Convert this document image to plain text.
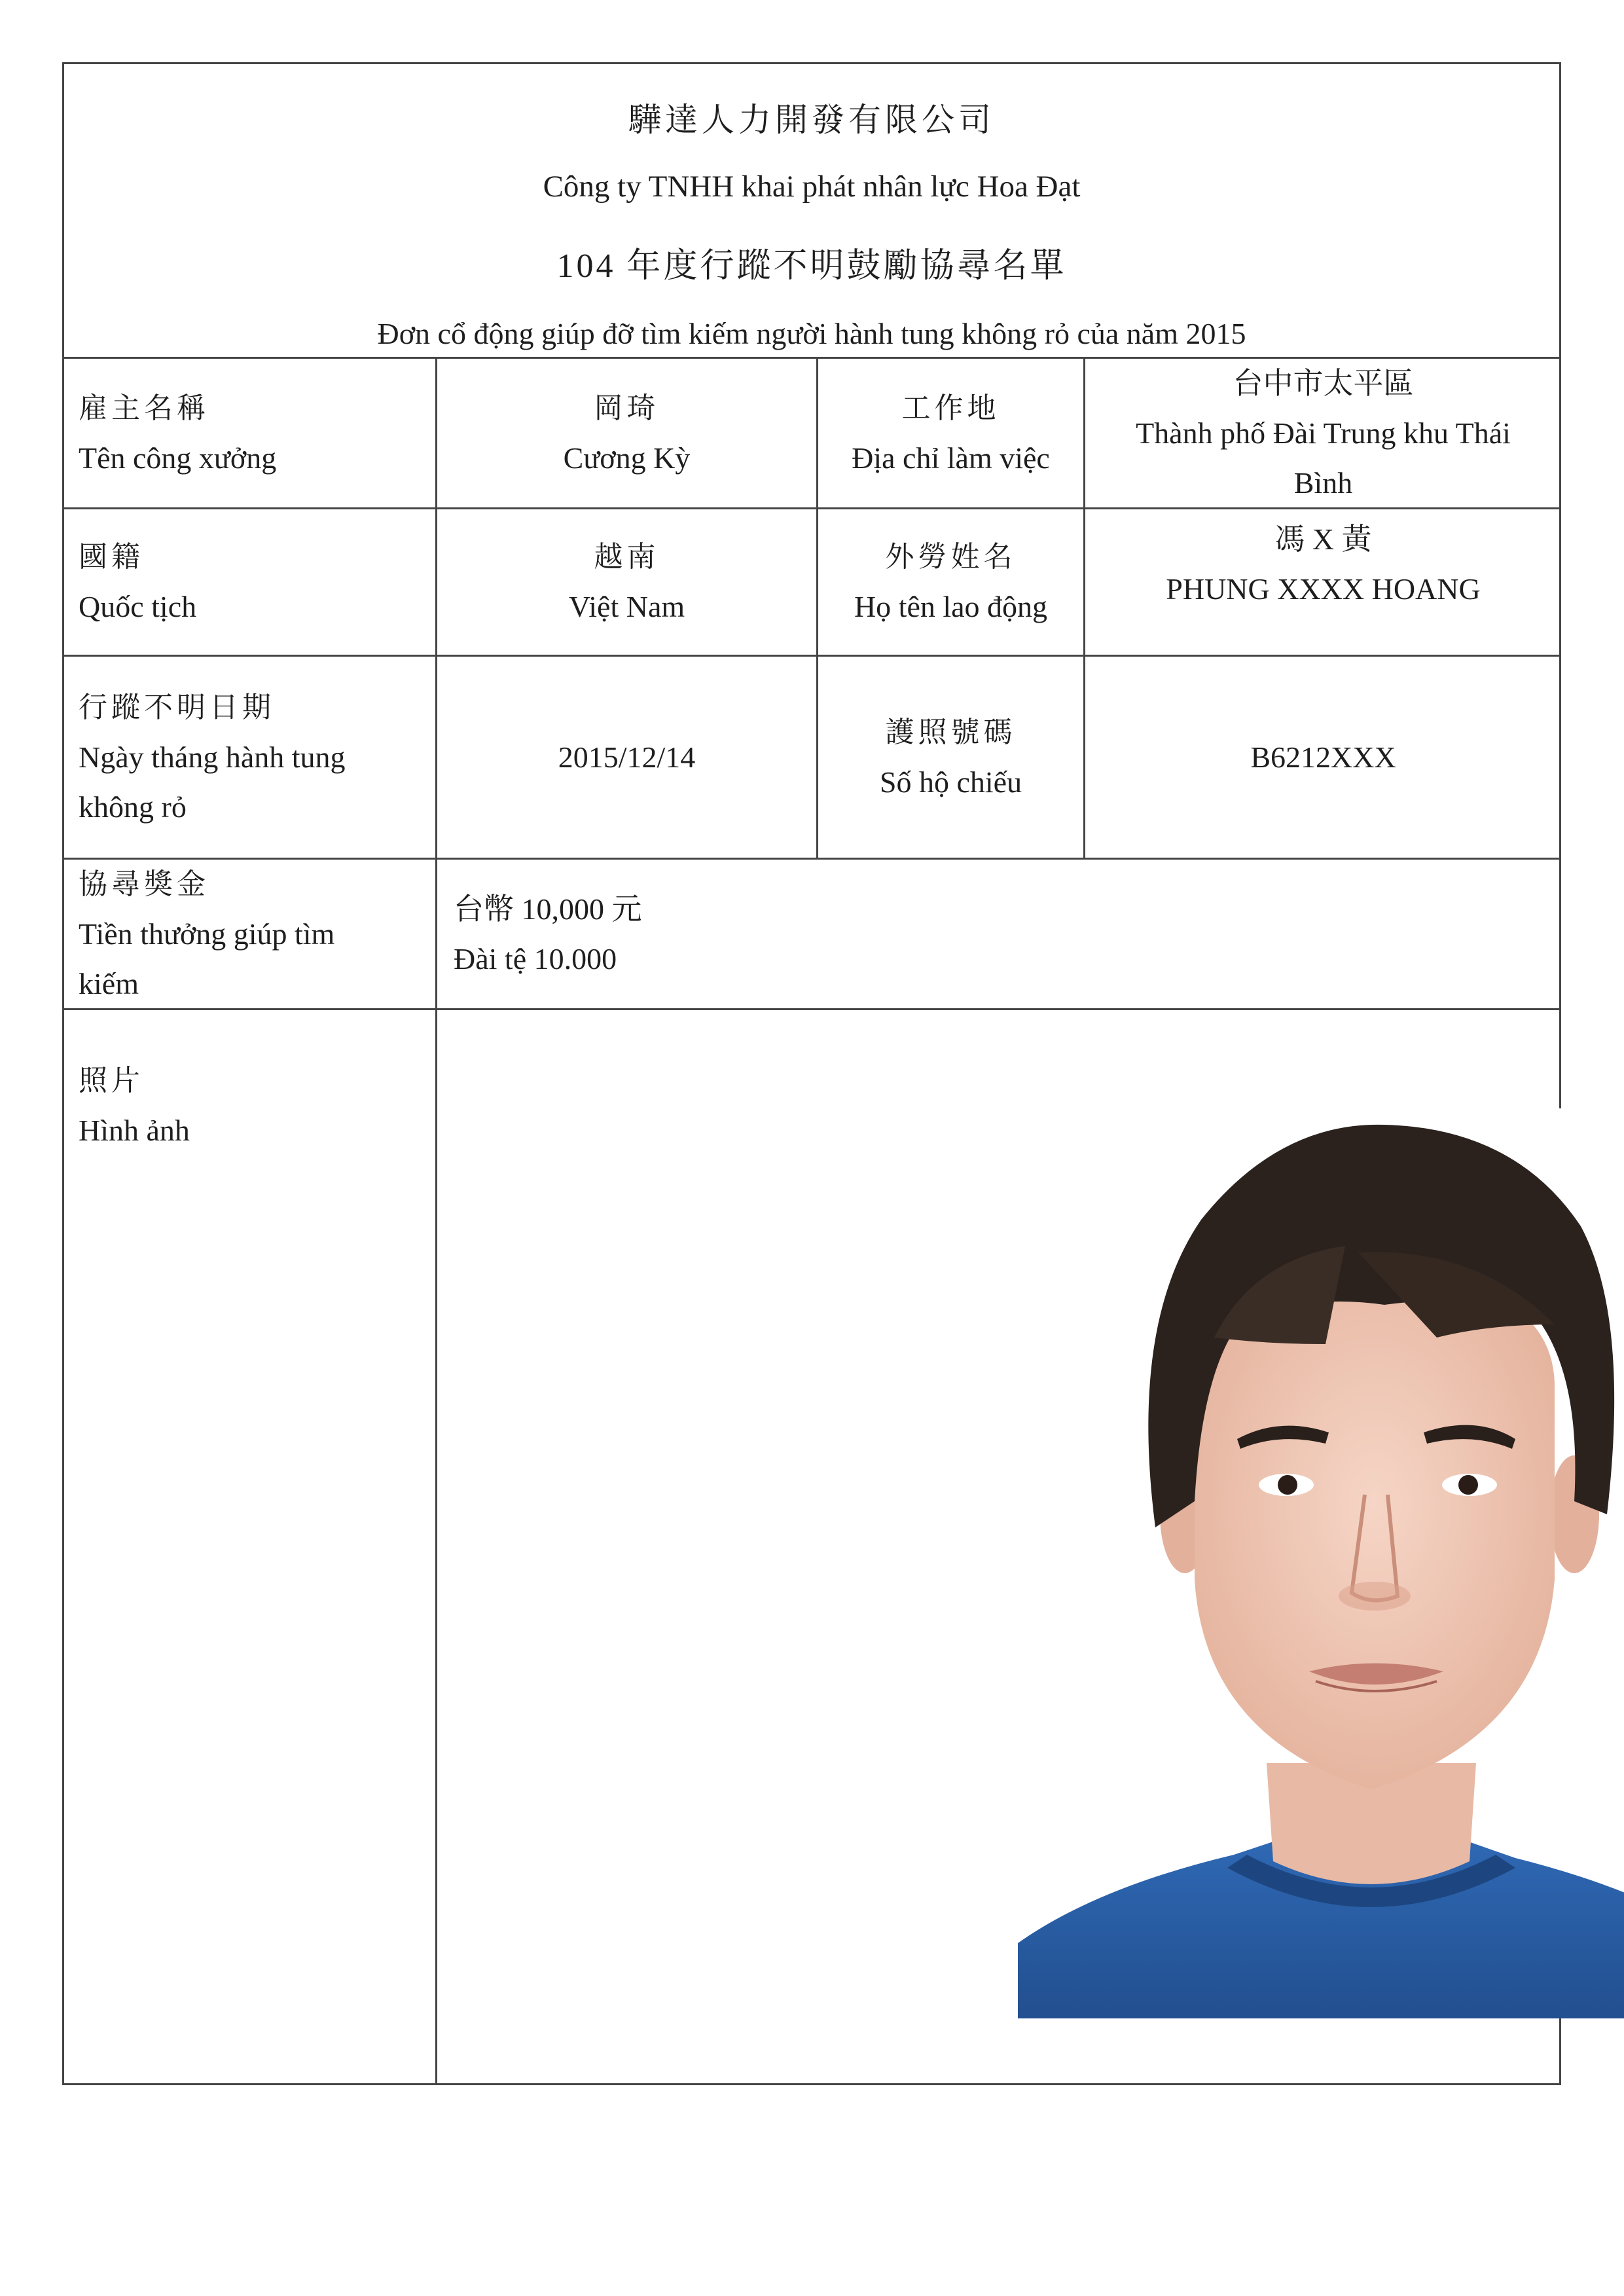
驊達人力開發有限公司
Công ty TNHH khai phát nhân lực Hoa Đạt
104 年度行蹤不明鼓勵協尋名單
Đơn cổ động giúp đỡ tìm kiếm người hành tung không rỏ của năm 2015
雇主名稱
Tên công xưởng
岡琦
Cương Kỳ
工作地
Địa chỉ làm việc
台中市太平區
Thành phố Đài Trung khu Thái
Bình
國籍
Quốc tịch
越南
Việt Nam
外勞姓名
Họ tên lao động
馮 X 黃
PHUNG XXXX HOANG
行蹤不明日期
Ngày tháng hành tung
không rỏ
2015/12/14
護照號碼
Số hộ chiếu
B6212XXX
協尋獎金
Tiền thưởng giúp tìm
kiếm
台幣 10,000 元
Đài tệ 10.000
照片
Hình ảnh
